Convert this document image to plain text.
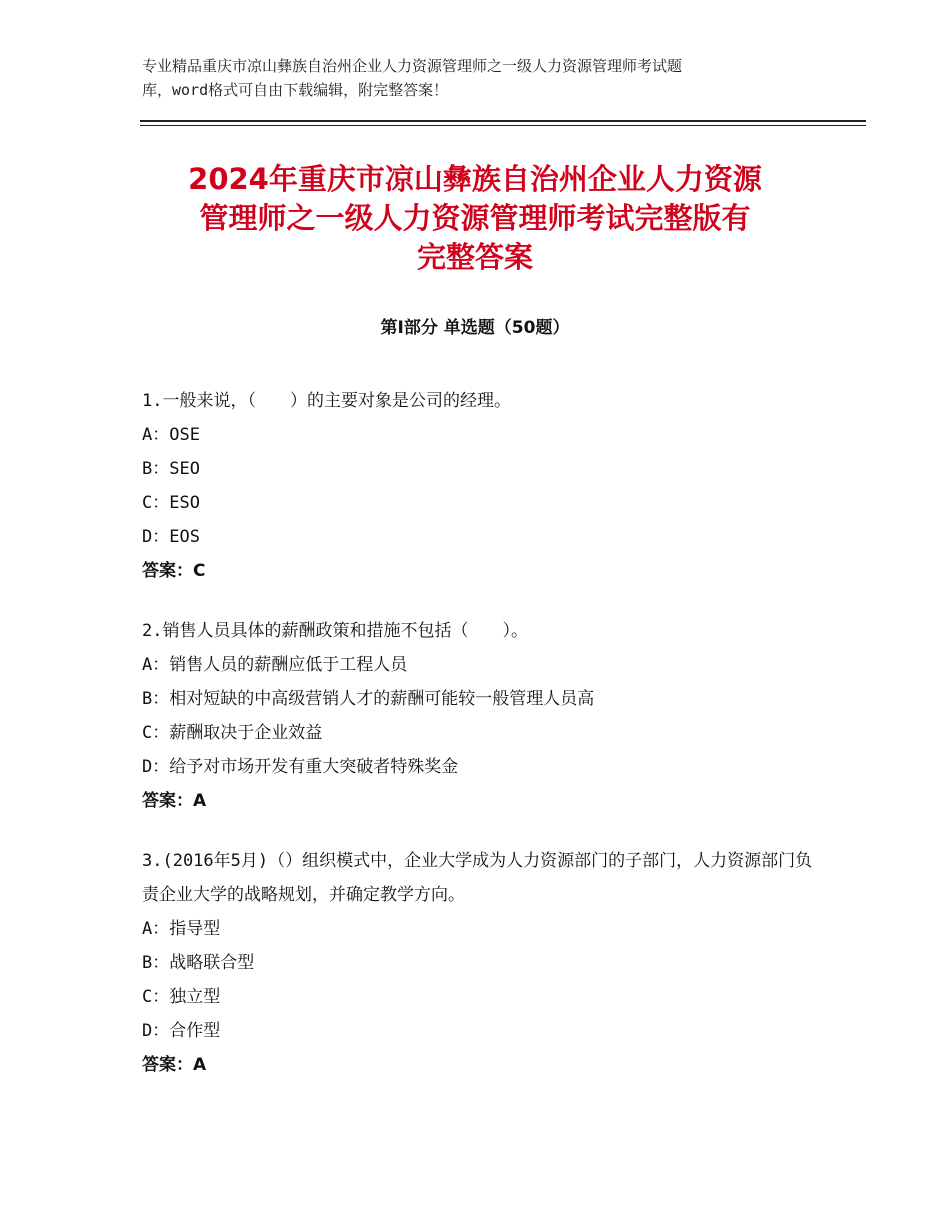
专业精品重庆市凉山彝族自治州企业人力资源管理师之一级人力资源管理师考试题
库，word格式可自由下载编辑，附完整答案！
2024年重庆市凉山彝族自治州企业人力资源
管理师之一级人力资源管理师考试完整版有
完整答案
第Ⅰ部分 单选题（50题）
1.一般来说，（　　）的主要对象是公司的经理。
A：OSE
B：SEO
C：ESO
D：EOS
答案：C
2.销售人员具体的薪酬政策和措施不包括（　　）。
A：销售人员的薪酬应低于工程人员
B：相对短缺的中高级营销人才的薪酬可能较一般管理人员高
C：薪酬取决于企业效益
D：给予对市场开发有重大突破者特殊奖金
答案：A
3.(2016年5月)（）组织模式中，企业大学成为人力资源部门的子部门，人力资源部门负责企业大学的战略规划，并确定教学方向。
A：指导型
B：战略联合型
C：独立型
D：合作型
答案：A
